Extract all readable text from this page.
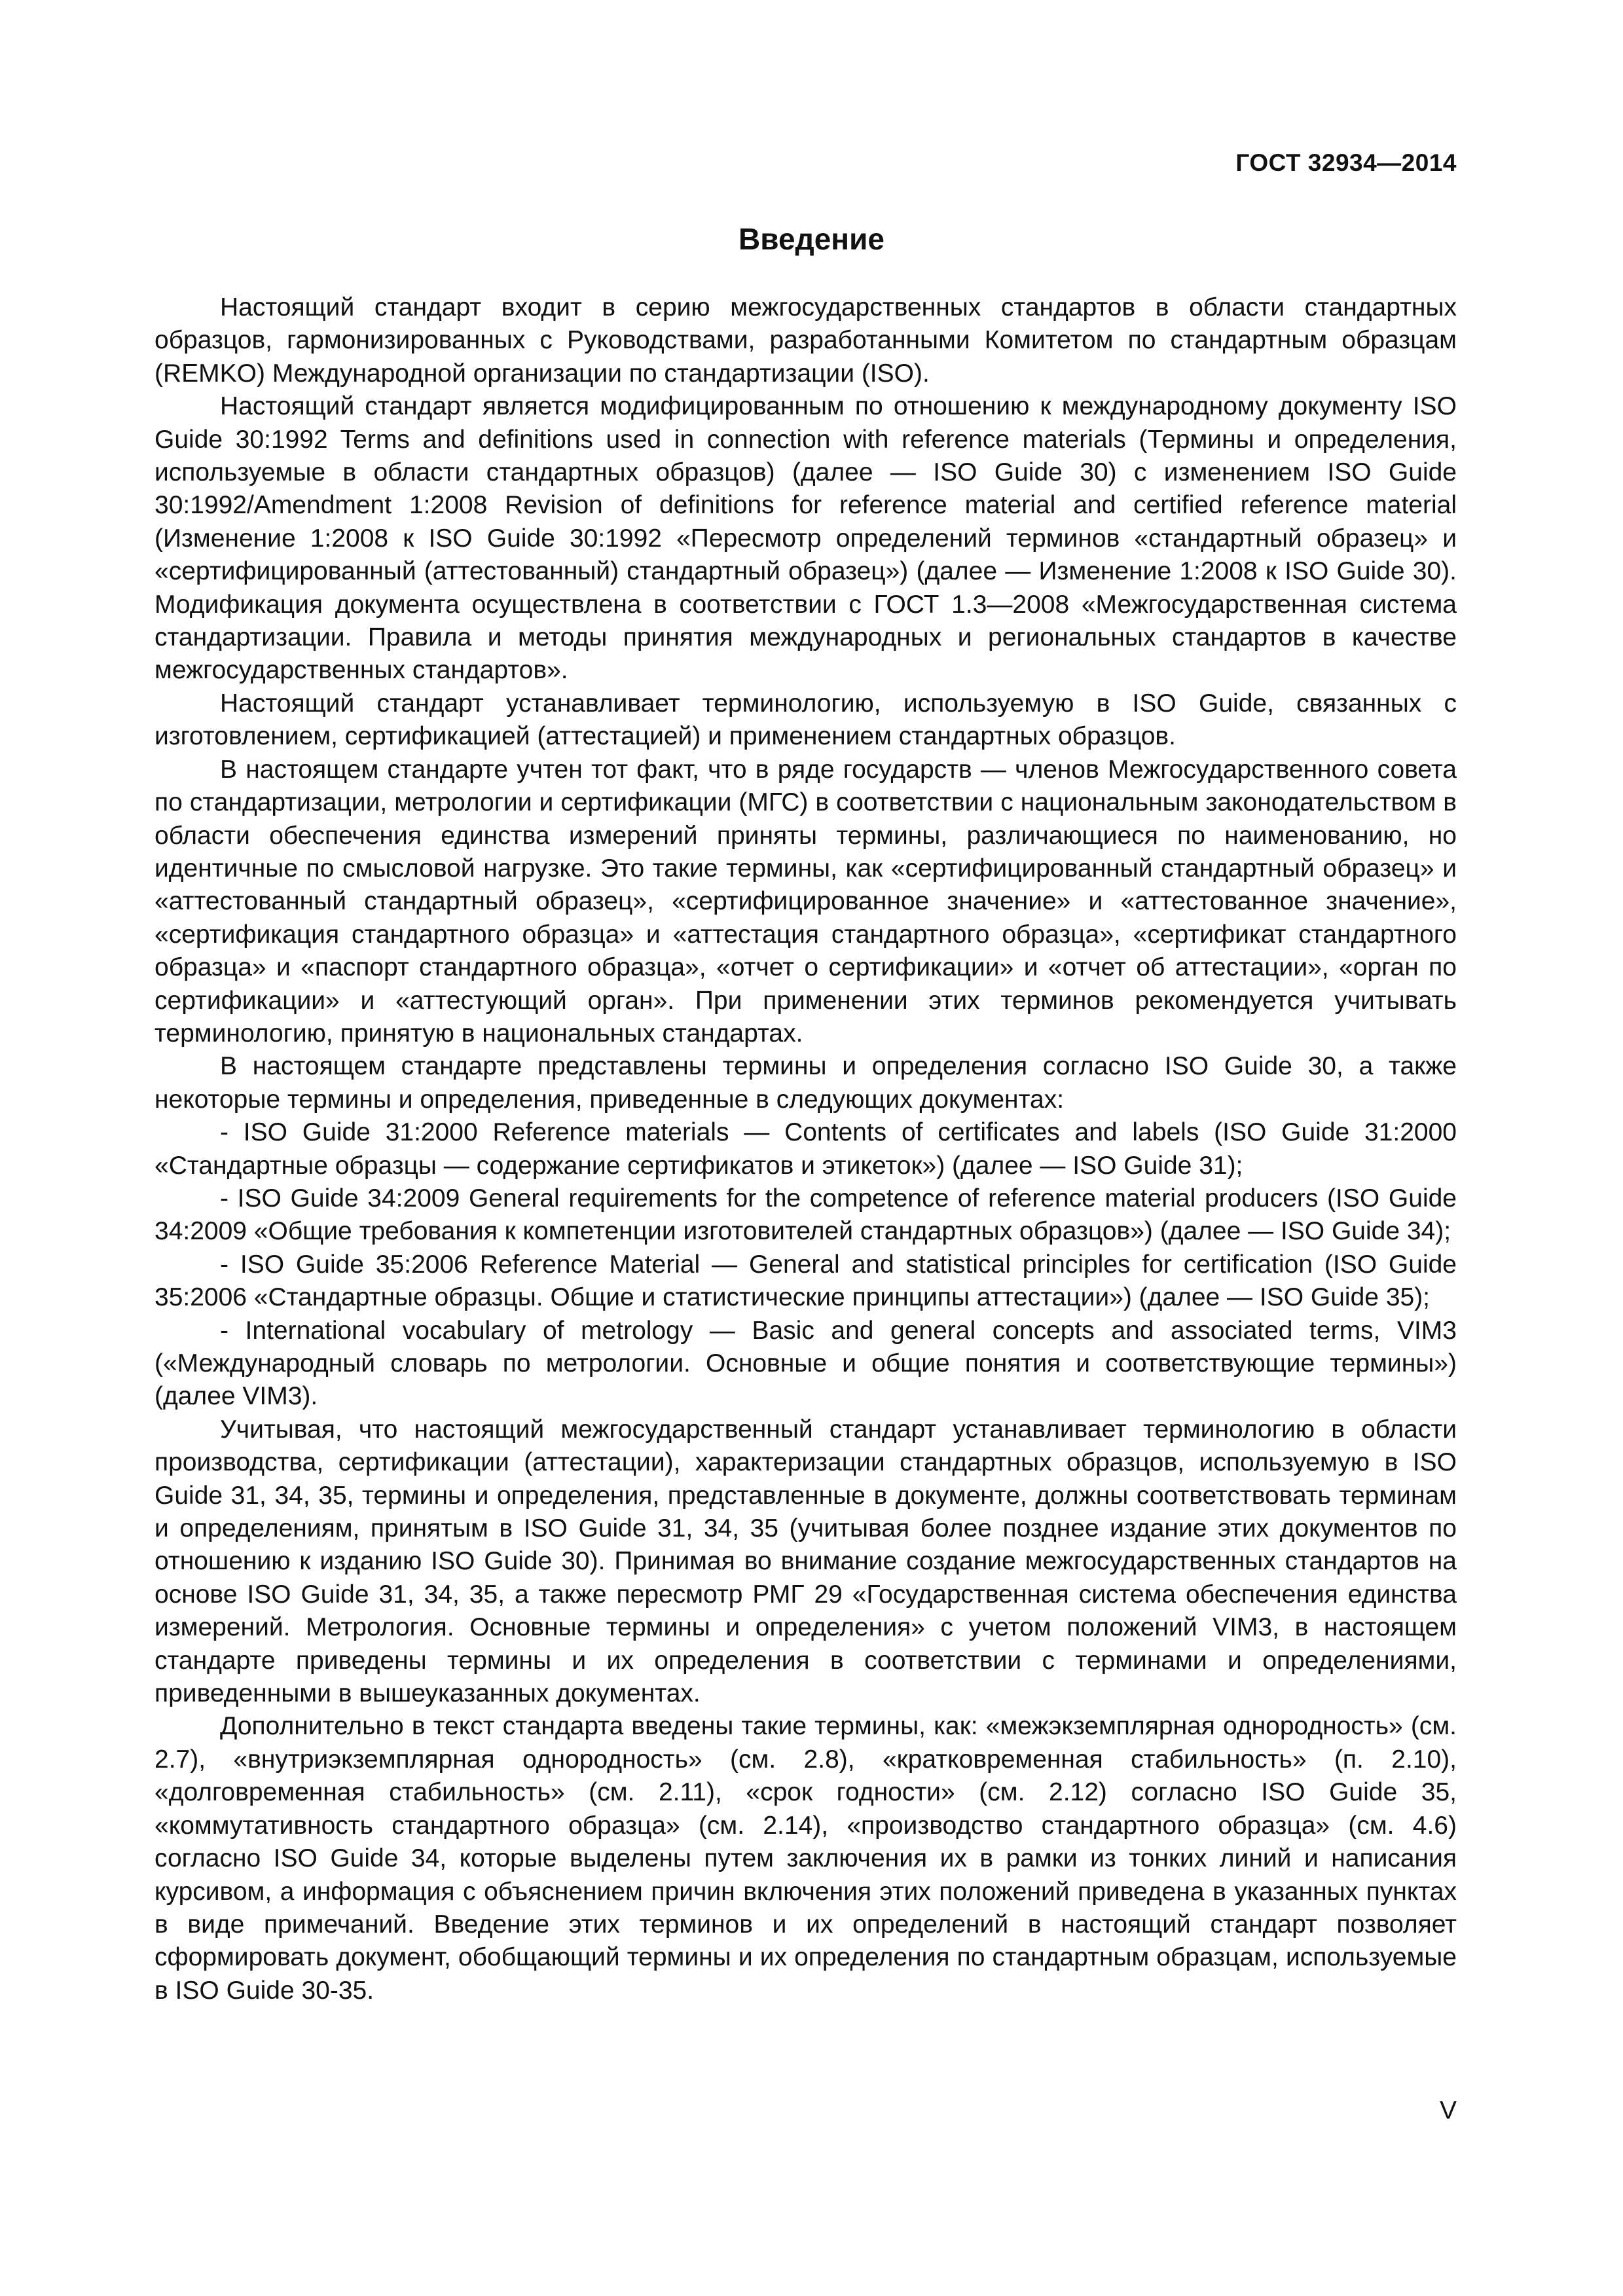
ГОСТ 32934—2014
Введение

Настоящий стандарт входит в серию межгосударственных стандартов в области стандартных образцов, гармонизированных с Руководствами, разработанными Комитетом по стандартным образцам (REMKO) Международной организации по стандартизации (ISO).

Настоящий стандарт является модифицированным по отношению к международному документу ISO Guide 30:1992 Terms and definitions used in connection with reference materials (Термины и определения, используемые в области стандартных образцов) (далее — ISO Guide 30) с изменением ISO Guide 30:1992/Amendment 1:2008 Revision of definitions for reference material and certified reference material (Изменение 1:2008 к ISO Guide 30:1992 «Пересмотр определений терминов «стандартный образец» и «сертифицированный (аттестованный) стандартный образец») (далее — Изменение 1:2008 к ISO Guide 30). Модификация документа осуществлена в соответствии с ГОСТ 1.3—2008 «Межгосударственная система стандартизации. Правила и методы принятия международных и региональных стандартов в качестве межгосударственных стандартов».

Настоящий стандарт устанавливает терминологию, используемую в ISO Guide, связанных с изготовлением, сертификацией (аттестацией) и применением стандартных образцов.

В настоящем стандарте учтен тот факт, что в ряде государств — членов Межгосударственного совета по стандартизации, метрологии и сертификации (МГС) в соответствии с национальным законодательством в области обеспечения единства измерений приняты термины, различающиеся по наименованию, но идентичные по смысловой нагрузке. Это такие термины, как «сертифицированный стандартный образец» и «аттестованный стандартный образец», «сертифицированное значение» и «аттестованное значение», «сертификация стандартного образца» и «аттестация стандартного образца», «сертификат стандартного образца» и «паспорт стандартного образца», «отчет о сертификации» и «отчет об аттестации», «орган по сертификации» и «аттестующий орган». При применении этих терминов рекомендуется учитывать терминологию, принятую в национальных стандартах.

В настоящем стандарте представлены термины и определения согласно ISO Guide 30, а также некоторые термины и определения, приведенные в следующих документах:

- ISO Guide 31:2000 Reference materials — Contents of certificates and labels (ISO Guide 31:2000 «Стандартные образцы — содержание сертификатов и этикеток») (далее — ISO Guide 31);

- ISO Guide 34:2009 General requirements for the competence of reference material producers (ISO Guide 34:2009 «Общие требования к компетенции изготовителей стандартных образцов») (далее — ISO Guide 34);

- ISO Guide 35:2006 Reference Material — General and statistical principles for certification (ISO Guide 35:2006 «Стандартные образцы. Общие и статистические принципы аттестации») (далее — ISO Guide 35);

- International vocabulary of metrology — Basic and general concepts and associated terms, VIM3 («Международный словарь по метрологии. Основные и общие понятия и соответствующие термины») (далее VIM3).

Учитывая, что настоящий межгосударственный стандарт устанавливает терминологию в области производства, сертификации (аттестации), характеризации стандартных образцов, используемую в ISO Guide 31, 34, 35, термины и определения, представленные в документе, должны соответствовать терминам и определениям, принятым в ISO Guide 31, 34, 35 (учитывая более позднее издание этих документов по отношению к изданию ISO Guide 30). Принимая во внимание создание межгосударственных стандартов на основе ISO Guide 31, 34, 35, а также пересмотр РМГ 29 «Государственная система обеспечения единства измерений. Метрология. Основные термины и определения» с учетом положений VIM3, в настоящем стандарте приведены термины и их определения в соответствии с терминами и определениями, приведенными в вышеуказанных документах.

Дополнительно в текст стандарта введены такие термины, как: «межэкземплярная однородность» (см. 2.7), «внутриэкземплярная однородность» (см. 2.8), «кратковременная стабильность» (п. 2.10), «долговременная стабильность» (см. 2.11), «срок годности» (см. 2.12) согласно ISO Guide 35, «коммутативность стандартного образца» (см. 2.14), «производство стандартного образца» (см. 4.6) согласно ISO Guide 34, которые выделены путем заключения их в рамки из тонких линий и написания курсивом, а информация с объяснением причин включения этих положений приведена в указанных пунктах в виде примечаний. Введение этих терминов и их определений в настоящий стандарт позволяет сформировать документ, обобщающий термины и их определения по стандартным образцам, используемые в ISO Guide 30-35.

V
